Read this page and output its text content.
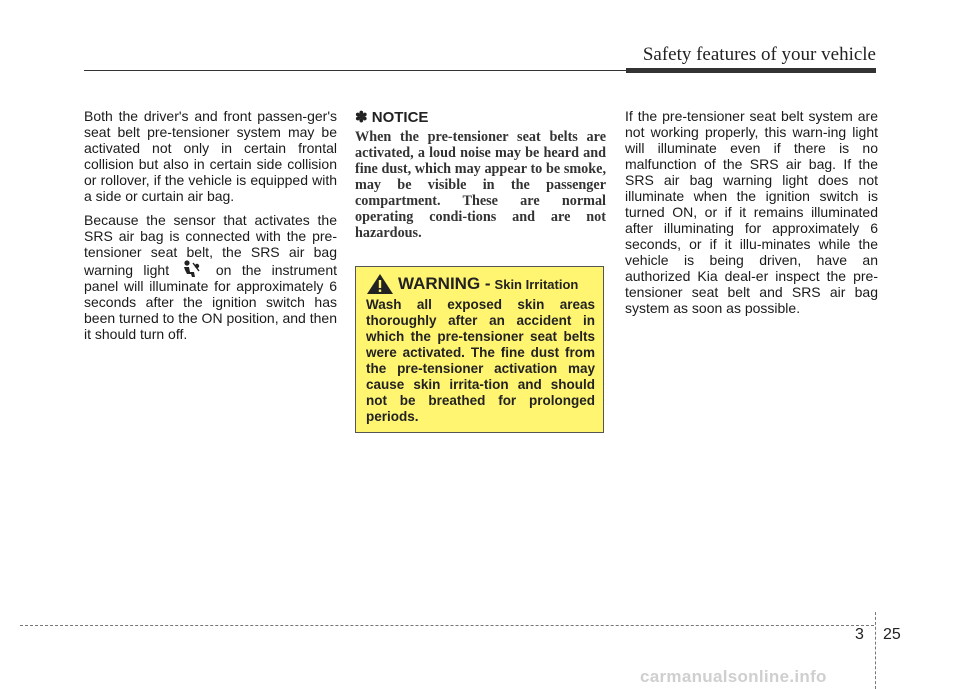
Safety features of your vehicle

Both the driver's and front passen-ger's seat belt pre-tensioner system may be activated not only in certain frontal collision but also in certain side collision or rollover, if the vehicle is equipped with a side or curtain air bag.

Because the sensor that activates the SRS air bag is connected with the pre-tensioner seat belt, the SRS air bag warning light	on the instrument panel will illuminate for approximately 6 seconds after the ignition switch has been turned to the ON position, and then it should turn off.

✽ NOTICE
When the pre-tensioner seat belts are activated, a loud noise may be heard and fine dust, which may appear to be smoke, may be visible in the passenger compartment. These are normal operating condi-tions and are not hazardous.
WARNING - Skin Irritation
Wash all exposed skin areas thoroughly after an accident in which the pre-tensioner seat belts were activated. The fine dust from the pre-tensioner activation may cause skin irrita-tion and should not be breathed for prolonged periods.

If the pre-tensioner seat belt system are not working properly, this warn-ing light will illuminate even if there is no malfunction of the SRS air bag. If the SRS air bag warning light does not illuminate when the ignition switch is turned ON, or if it remains illuminated after illuminating for approximately 6 seconds, or if it illu-minates while the vehicle is being driven, have an authorized Kia deal-er inspect the pre-tensioner seat belt and SRS air bag system as soon as possible.

3 25
carmanualsonline.info
